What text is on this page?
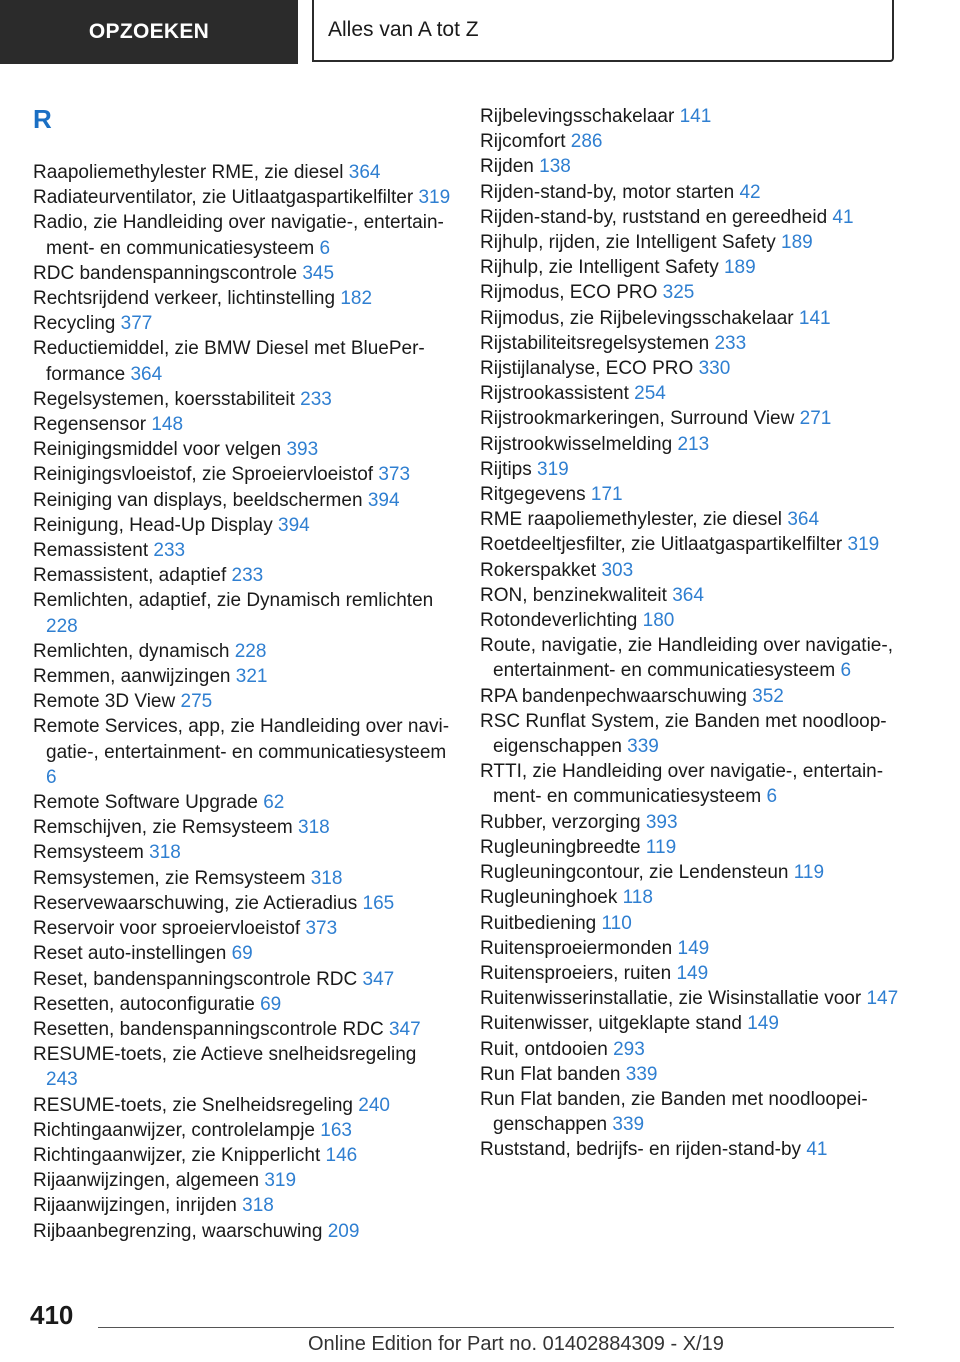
OPZOEKEN	Alles van A tot Z
R
Raapoliemethylester RME, zie diesel 364
Radiateurventilator, zie Uitlaatgaspartikelfilter 319
Radio, zie Handleiding over navigatie-, entertainment- en communicatiesysteem 6
RDC bandenspanningscontrole 345
Rechtsrijdend verkeer, lichtinstelling 182
Recycling 377
Reductiemiddel, zie BMW Diesel met BluePerformance 364
Regelsystemen, koersstabiliteit 233
Regensensor 148
Reinigingsmiddel voor velgen 393
Reinigingsvloeistof, zie Sproeiervloeistof 373
Reiniging van displays, beeldschermen 394
Reinigung, Head-Up Display 394
Remassistent 233
Remassistent, adaptief 233
Remlichten, adaptief, zie Dynamisch remlichten 228
Remlichten, dynamisch 228
Remmen, aanwijzingen 321
Remote 3D View 275
Remote Services, app, zie Handleiding over navigatie-, entertainment- en communicatiesysteem 6
Remote Software Upgrade 62
Remschijven, zie Remsysteem 318
Remsysteem 318
Remsystemen, zie Remsysteem 318
Reservewaarschuwing, zie Actieradius 165
Reservoir voor sproeiervloeistof 373
Reset auto-instellingen 69
Reset, bandenspanningscontrole RDC 347
Resetten, autoconfiguratie 69
Resetten, bandenspanningscontrole RDC 347
RESUME-toets, zie Actieve snelheidsregeling 243
RESUME-toets, zie Snelheidsregeling 240
Richtingaanwijzer, controlelampje 163
Richtingaanwijzer, zie Knipperlicht 146
Rijaanwijzingen, algemeen 319
Rijaanwijzingen, inrijden 318
Rijbaanbegrenzing, waarschuwing 209
Rijbelevingsschakelaar 141
Rijcomfort 286
Rijden 138
Rijden-stand-by, motor starten 42
Rijden-stand-by, ruststand en gereedheid 41
Rijhulp, rijden, zie Intelligent Safety 189
Rijhulp, zie Intelligent Safety 189
Rijmodus, ECO PRO 325
Rijmodus, zie Rijbelevingsschakelaar 141
Rijstabiliteitsregelsystemen 233
Rijstijlanalyse, ECO PRO 330
Rijstrookassistent 254
Rijstrookmarkeringen, Surround View 271
Rijstrookwisselmelding 213
Rijtips 319
Ritgegevens 171
RME raapoliemethylester, zie diesel 364
Roetdeeltjesfilter, zie Uitlaatgaspartikelfilter 319
Rokerspakket 303
RON, benzinekwaliteit 364
Rotondeverlichting 180
Route, navigatie, zie Handleiding over navigatie-, entertainment- en communicatiesysteem 6
RPA bandenpechwaarschuwing 352
RSC Runflat System, zie Banden met noodloopeigenschappen 339
RTTI, zie Handleiding over navigatie-, entertainment- en communicatiesysteem 6
Rubber, verzorging 393
Rugleuningbreedte 119
Rugleuningcontour, zie Lendensteun 119
Rugleuninghoek 118
Ruitbediening 110
Ruitensproeiermonden 149
Ruitensproeiers, ruiten 149
Ruitenwisserinstallatie, zie Wisinstallatie voor 147
Ruitenwisser, uitgeklapte stand 149
Ruit, ontdooien 293
Run Flat banden 339
Run Flat banden, zie Banden met noodloopeigenschappen 339
Ruststand, bedrijfs- en rijden-stand-by 41
410
Online Edition for Part no. 01402884309 - X/19
